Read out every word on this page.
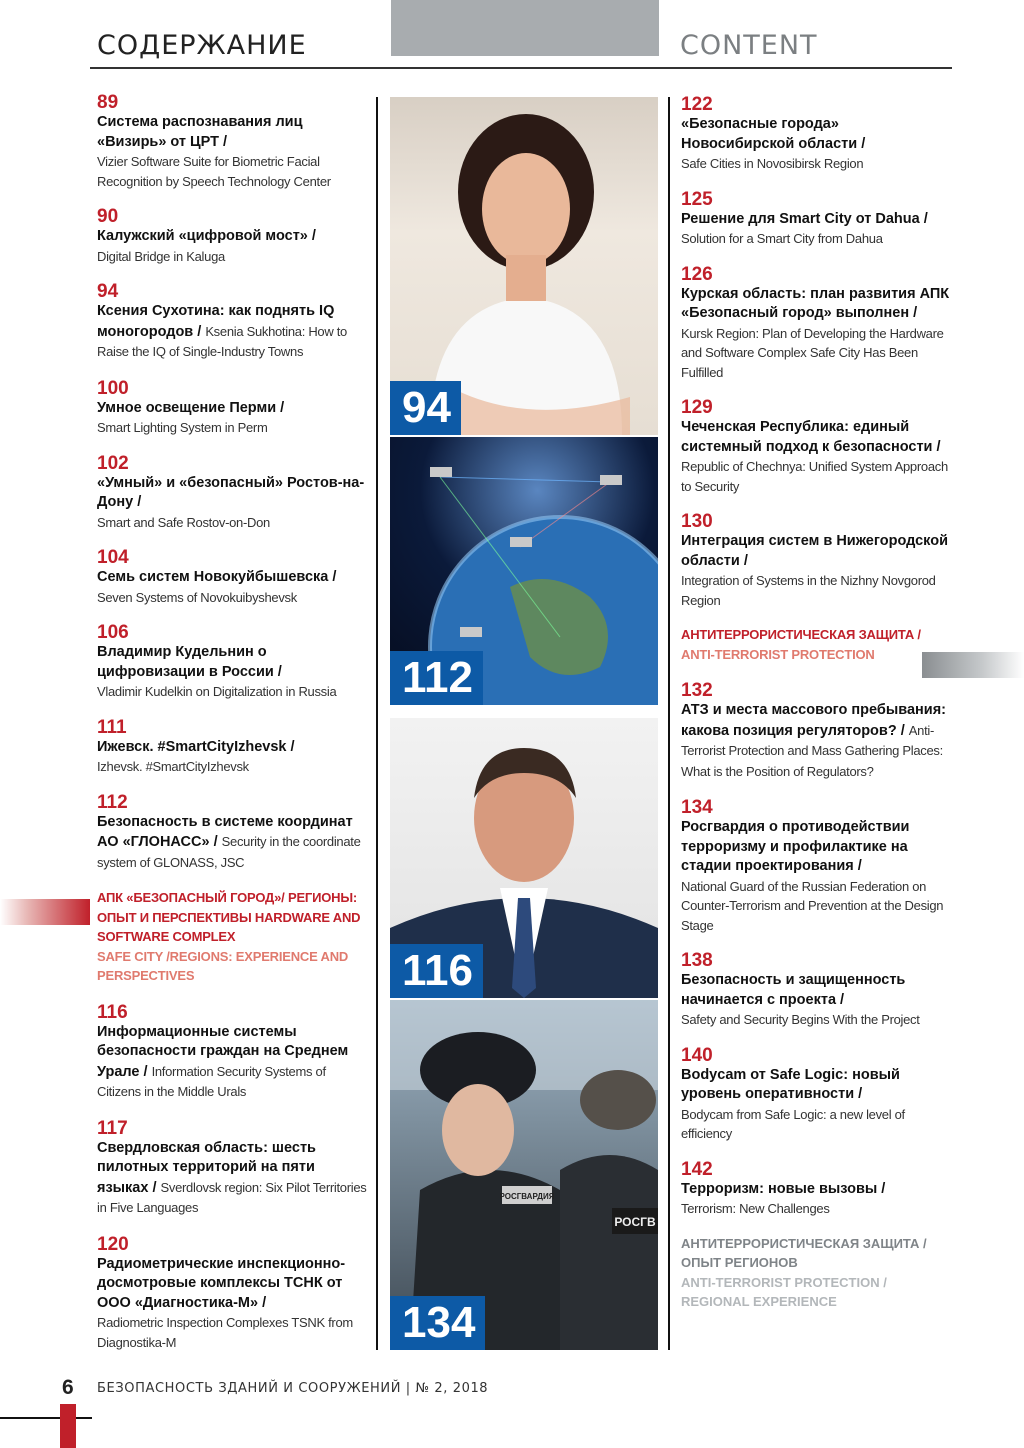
СОДЕРЖАНИЕ	CONTENT
89
Система распознавания лиц «Визирь» от ЦРТ /
Vizier Software Suite for Biometric Facial Recognition by Speech Technology Center
90
Калужский «цифровой мост» /
Digital Bridge in Kaluga
94
Ксения Сухотина: как поднять IQ моногородов / Ksenia Sukhotina: How to Raise the IQ of Single-Industry Towns
100
Умное освещение Перми /
Smart Lighting System in Perm
102
«Умный» и «безопасный» Ростов-на-Дону /
Smart and Safe Rostov-on-Don
104
Семь систем Новокуйбышевска /
Seven Systems of Novokuibyshevsk
106
Владимир Кудельнин о цифровизации в России /
Vladimir Kudelkin on Digitalization in Russia
111
Ижевск. #SmartCityIzhevsk /
Izhevsk. #SmartCityIzhevsk
112
Безопасность в системе координат АО «ГЛОНАСС» / Security in the coordinate system of GLONASS, JSC
АПК «БЕЗОПАСНЫЙ ГОРОД»/ РЕГИОНЫ: ОПЫТ И ПЕРСПЕКТИВЫ HARDWARE AND SOFTWARE COMPLEX
SAFE CITY /REGIONS: EXPERIENCE AND PERSPECTIVES
116
Информационные системы безопасности граждан на Среднем Урале / Information Security Systems of Citizens in the Middle Urals
117
Свердловская область: шесть пилотных территорий на пяти языках / Sverdlovsk region: Six Pilot Territories in Five Languages
120
Радиометрические инспекционно-досмотровые комплексы ТСНК от ООО «Диагностика-М» /
Radiometric Inspection Complexes TSNK from Diagnostika-M
94
112
116
РОСГВАРДИЯ
РОСГВ
134
122
«Безопасные города» Новосибирской области /
Safe Cities in Novosibirsk Region
125
Решение для Smart City от Dahua /
Solution for a Smart City from Dahua
126
Курская область: план развития АПК «Безопасный город» выполнен /
Kursk Region: Plan of Developing the Hardware and Software Complex Safe City Has Been Fulfilled
129
Чеченская Республика: единый системный подход к безопасности /
Republic of Chechnya: Unified System Approach to Security
130
Интеграция систем в Нижегородской области /
Integration of Systems in the Nizhny Novgorod Region
АНТИТЕРРОРИСТИЧЕСКАЯ ЗАЩИТА /
ANTI-TERRORIST PROTECTION
132
АТЗ и места массового пребывания: какова позиция регуляторов? / Anti-Terrorist Protection and Mass Gathering Places: What is the Position of Regulators?
134
Росгвардия о противодействии терроризму и профилактике на стадии проектирования /
National Guard of the Russian Federation on Counter-Terrorism and Prevention at the Design Stage
138
Безопасность и защищенность начинается с проекта /
Safety and Security Begins With the Project
140
Bodycam от Safe Logic: новый уровень оперативности /
Bodycam from Safe Logic: a new level of efficiency
142
Терроризм: новые вызовы /
Terrorism: New Challenges
АНТИТЕРРОРИСТИЧЕСКАЯ ЗАЩИТА / ОПЫТ РЕГИОНОВ
ANTI-TERRORIST PROTECTION / REGIONAL EXPERIENCE
6 БЕЗОПАСНОСТЬ ЗДАНИЙ И СООРУЖЕНИЙ | № 2, 2018
